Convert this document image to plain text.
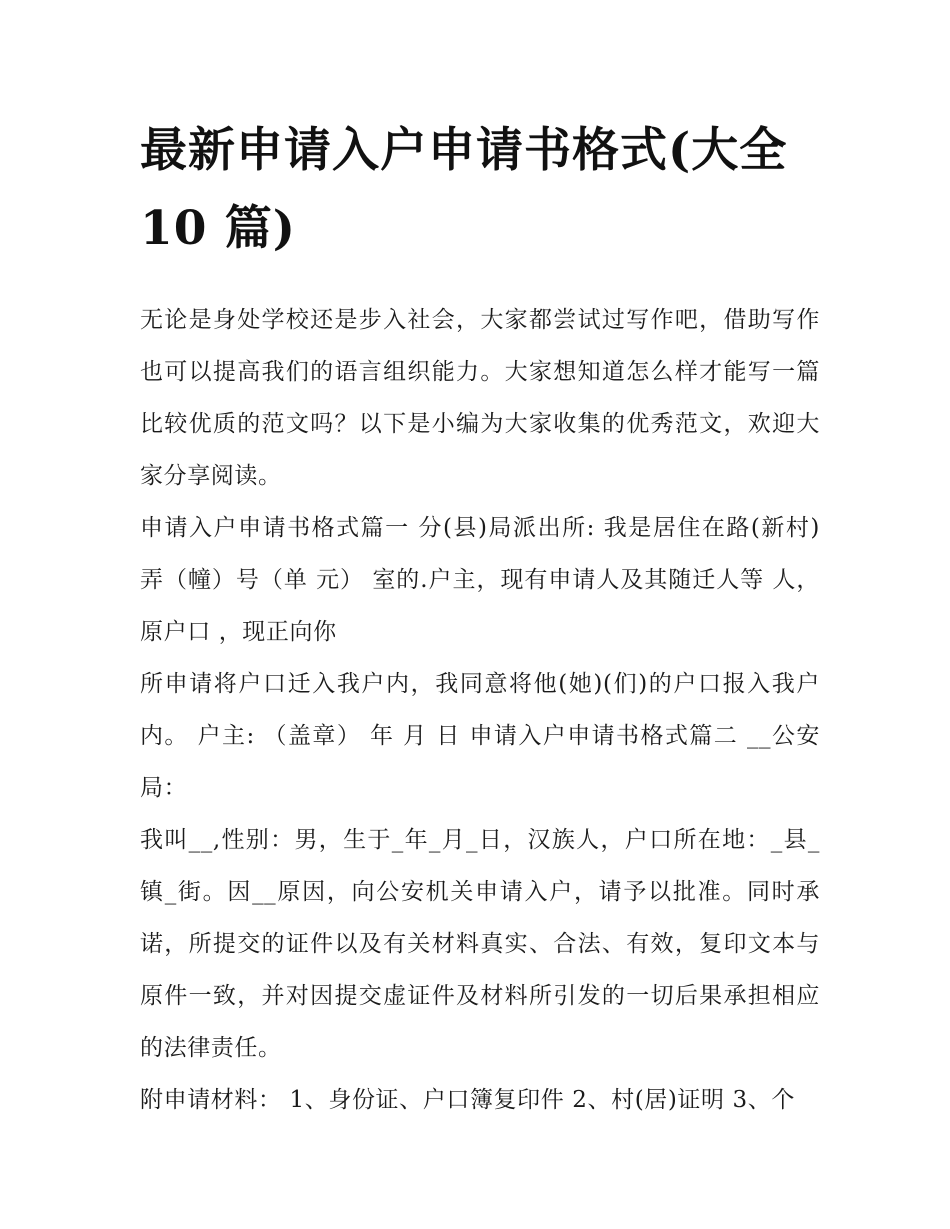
最新申请入户申请书格式(大全 10 篇)

无论是身处学校还是步入社会，大家都尝试过写作吧，借助写作也可以提高我们的语言组织能力。大家想知道怎么样才能写一篇比较优质的范文吗？以下是小编为大家收集的优秀范文，欢迎大家分享阅读。

申请入户申请书格式篇一 分(县)局派出所: 我是居住在路(新村) 弄（幢）号（单 元） 室的.户主，现有申请人及其随迁人等 人，原户口 ，现正向你

所申请将户口迁入我户内，我同意将他(她)(们)的户口报入我户内。 户主: （盖章） 年 月 日 申请入户申请书格式篇二 __公安局：

我叫__,性别：男，生于_年_月_日，汉族人，户口所在地：_县_镇_街。因__原因，向公安机关申请入户，请予以批准。同时承诺，所提交的证件以及有关材料真实、合法、有效，复印文本与原件一致，并对因提交虚证件及材料所引发的一切后果承担相应的法律责任。

附申请材料： 1、身份证、户口簿复印件 2、村(居)证明 3、个
